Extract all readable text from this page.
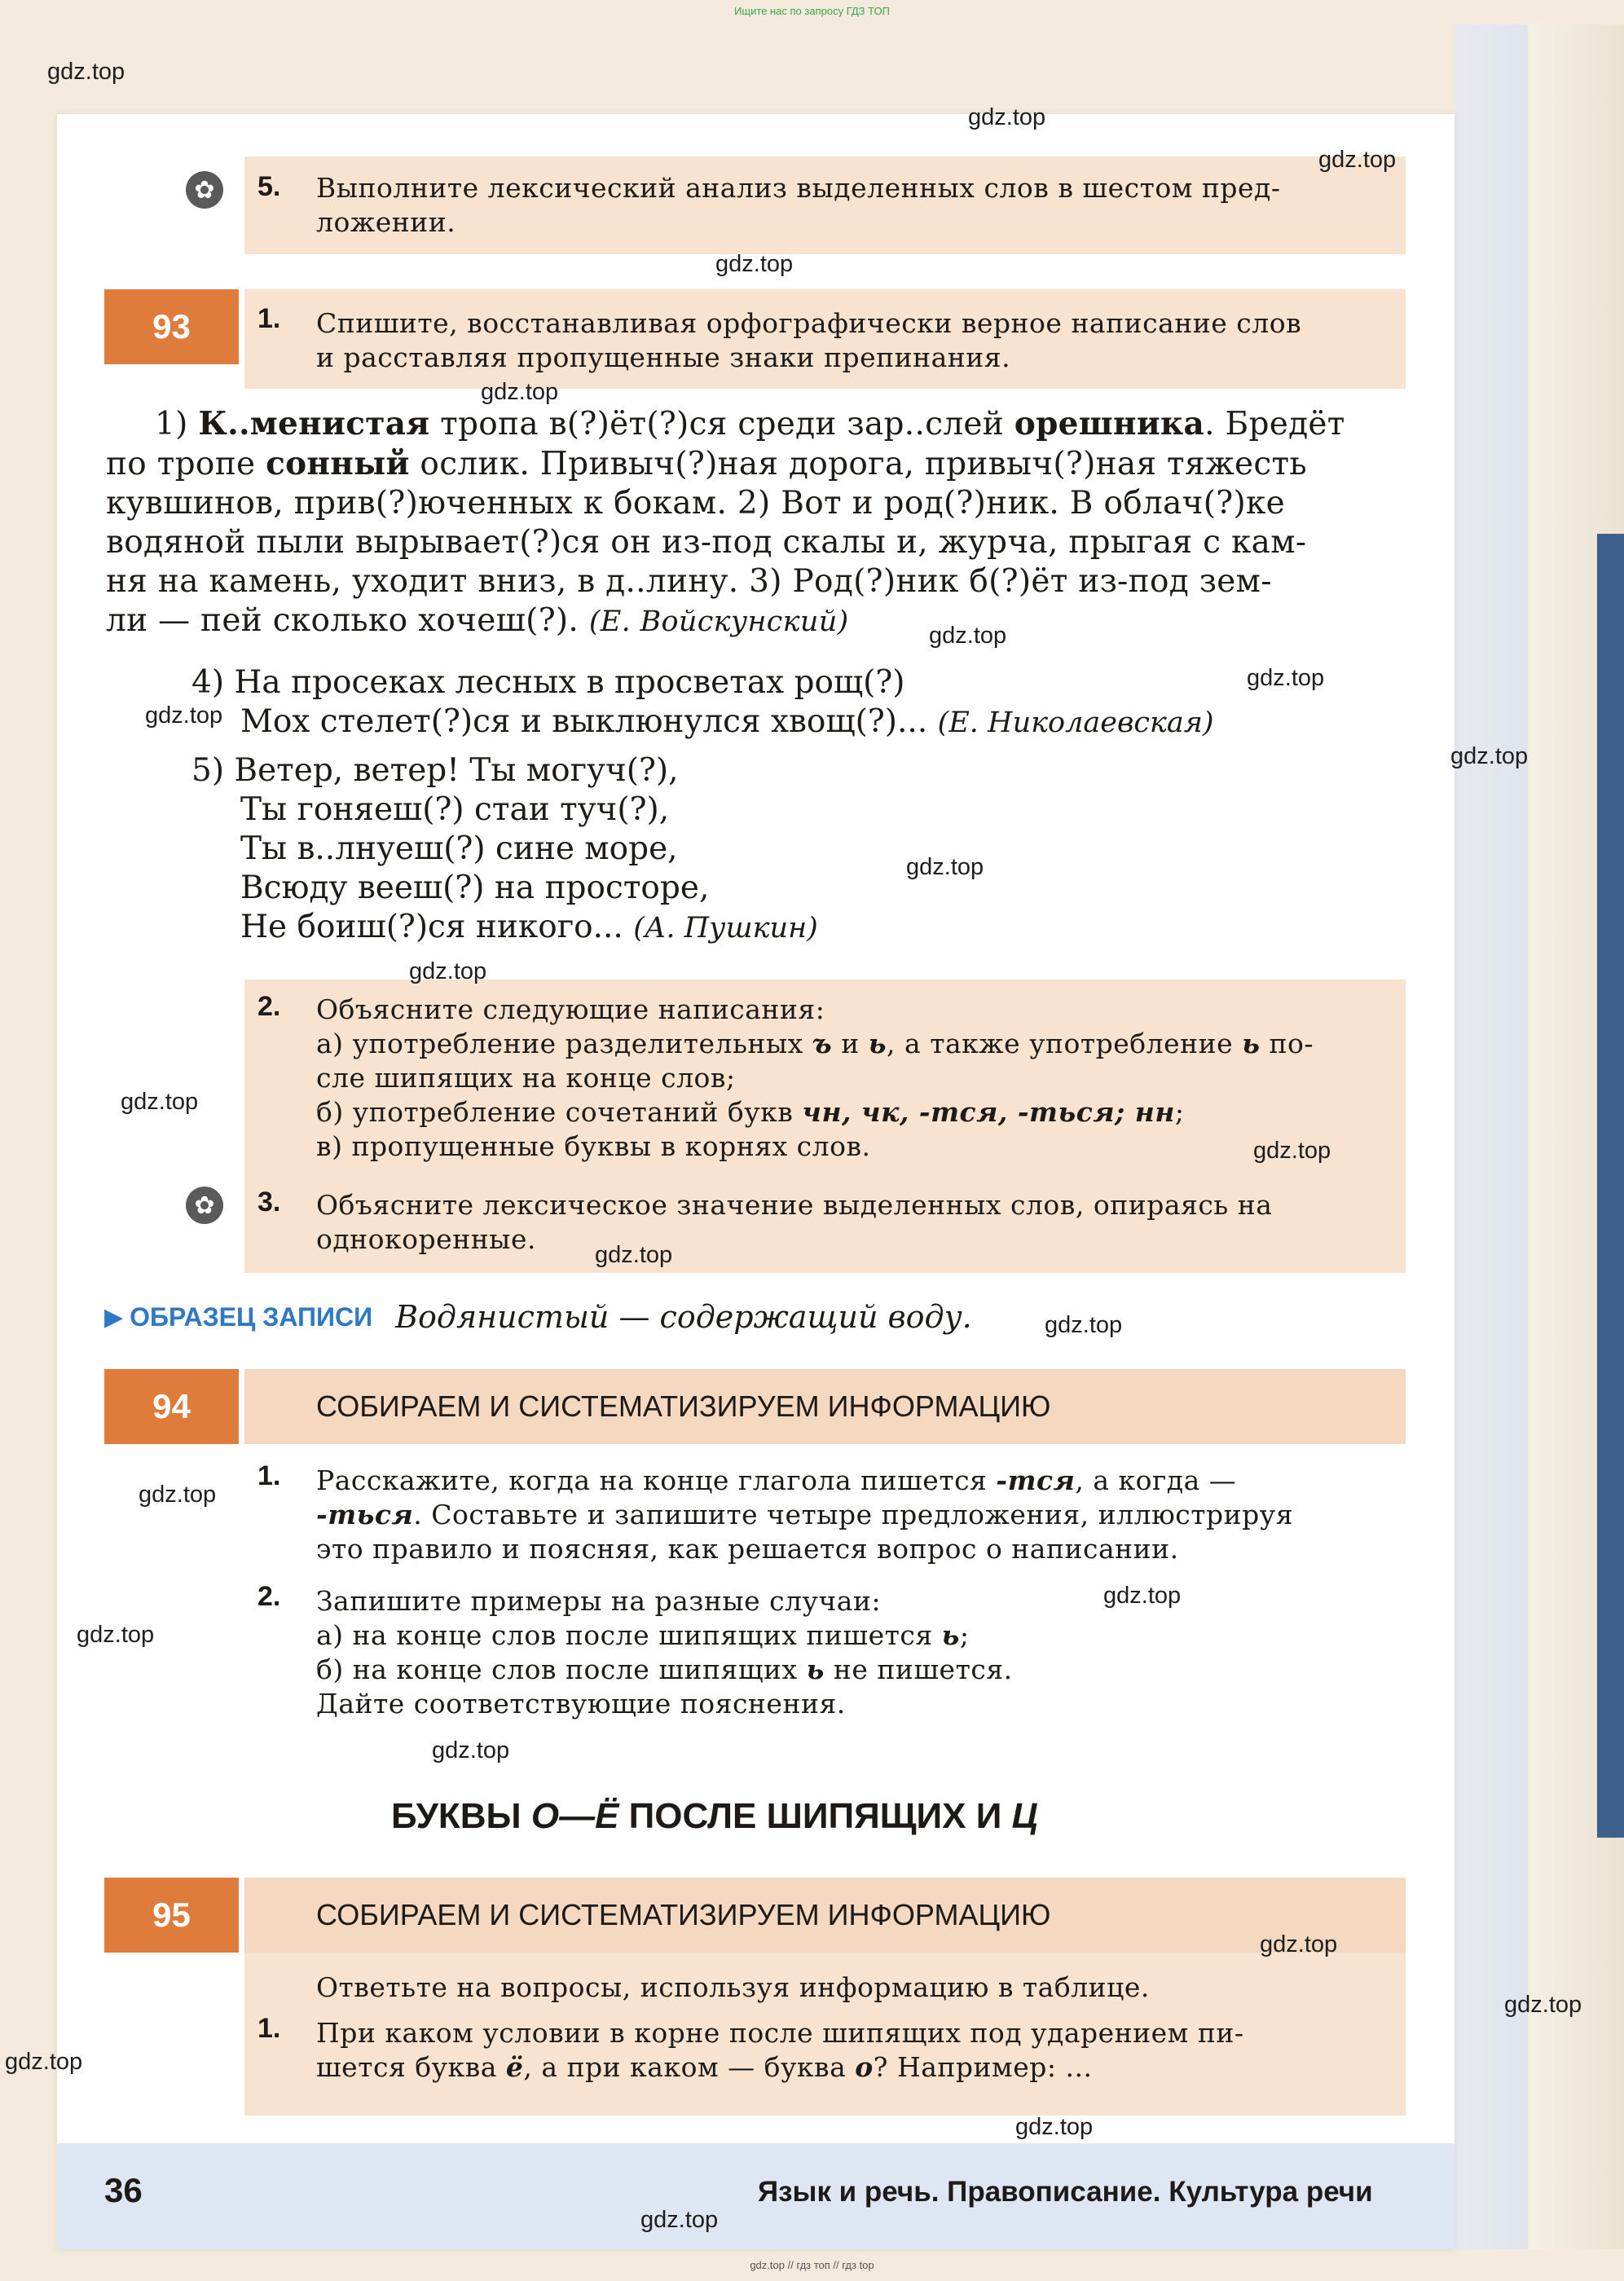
Ищите нас по запросу ГДЗ ТОП
✿	5. Выполните лексический анализ выделенных слов в шестом пред-
ложении.
93	1. Спишите, восстанавливая орфографически верное написание слов
и расставляя пропущенные знаки препинания.
1) К..менистая тропа в(?)ёт(?)ся среди зар..слей орешника. Бредёт
по тропе сонный ослик. Привыч(?)ная дорога, привыч(?)ная тяжесть
кувшинов, прив(?)юченных к бокам. 2) Вот и род(?)ник. В облач(?)ке
водяной пыли вырывает(?)ся он из-под скалы и, журча, прыгая с кам-
ня на камень, уходит вниз, в д..лину. 3) Род(?)ник б(?)ёт из-под зем-
ли — пей сколько хочеш(?). (Е. Войскунский)
4) На просеках лесных в просветах рощ(?)
Мох стелет(?)ся и выклюнулся хвощ(?)... (Е. Николаевская)
5) Ветер, ветер! Ты могуч(?),
Ты гоняеш(?) стаи туч(?),
Ты в..лнуеш(?) сине море,
Всюду вееш(?) на просторе,
Не боиш(?)ся никого... (А. Пушкин)
2. Объясните следующие написания:
а) употребление разделительных ъ и ь, а также употребление ь по-
сле шипящих на конце слов;
б) употребление сочетаний букв чн, чк, -тся, -ться; нн;
в) пропущенные буквы в корнях слов.
✿	3. Объясните лексическое значение выделенных слов, опираясь на
однокоренные.
▶ ОБРАЗЕЦ ЗАПИСИ Водянистый — содержащий воду.
94	СОБИРАЕМ И СИСТЕМАТИЗИРУЕМ ИНФОРМАЦИЮ
1. Расскажите, когда на конце глагола пишется -тся, а когда —
-ться. Составьте и запишите четыре предложения, иллюстрируя
это правило и поясняя, как решается вопрос о написании.
2. Запишите примеры на разные случаи:
а) на конце слов после шипящих пишется ь;
б) на конце слов после шипящих ь не пишется.
Дайте соответствующие пояснения.
БУКВЫ О—Ё ПОСЛЕ ШИПЯЩИХ И Ц
95	СОБИРАЕМ И СИСТЕМАТИЗИРУЕМ ИНФОРМАЦИЮ
Ответьте на вопросы, используя информацию в таблице.
1. При каком условии в корне после шипящих под ударением пи-
шется буква ё, а при каком — буква о? Например: ...
36	Язык и речь. Правописание. Культура речи
gdz.top
gdz.top
gdz.top
gdz.top
gdz.top
gdz.top
gdz.top
gdz.top
gdz.top
gdz.top
gdz.top
gdz.top
gdz.top
gdz.top
gdz.top
gdz.top
gdz.top
gdz.top
gdz.top
gdz.top
gdz.top
gdz.top
gdz.top
gdz.top
gdz.top // гдз топ // гдз top
